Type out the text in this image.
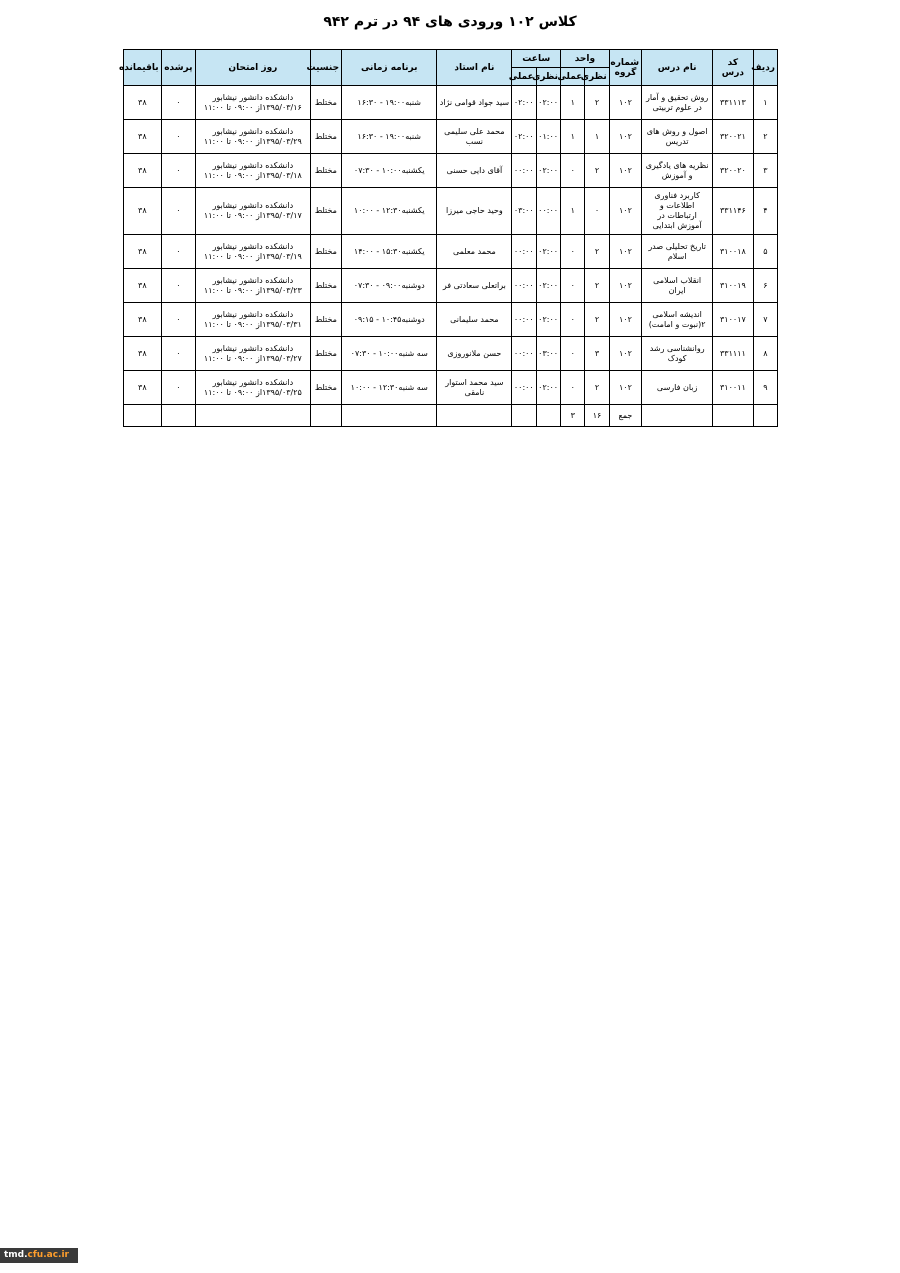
کلاس ۱۰۲ ورودی های ۹۴ در ترم ۹۴۲
ردیف	کد درس	نام درس	شماره گروه	واحد		ساعت		نام استاد	برنامه زمانی	جنسیت	روز امتحان	پرشده	باقیمانده
				نظری	عملی	نظری	عملی						
۱	۳۳۱۱۱۳	روش تحقیق و آمار در علوم تربیتی	۱۰۲	۲	۱	۰۲:۰۰	۰۲:۰۰	سید جواد قوامی نژاد	شنبه۱۹:۰۰ - ۱۶:۳۰	مختلط	دانشکده دانشور نیشابور ۱۳۹۵/۰۳/۱۶از ۰۹:۰۰ تا ۱۱:۰۰	۰	۳۸
۲	۳۲۰۰۲۱	اصول و روش های تدریس	۱۰۲	۱	۱	۰۱:۰۰	۰۲:۰۰	محمد علی سلیمی نسب	شنبه۱۹:۰۰ - ۱۶:۳۰	مختلط	دانشکده دانشور نیشابور ۱۳۹۵/۰۳/۲۹از ۰۹:۰۰ تا ۱۱:۰۰	۰	۳۸
۳	۳۲۰۰۲۰	نظریه های یادگیری و آموزش	۱۰۲	۲	۰	۰۲:۰۰	۰۰:۰۰	آقای دایی حسنی	یکشنبه۱۰:۰۰ - ۰۷:۳۰	مختلط	دانشکده دانشور نیشابور ۱۳۹۵/۰۳/۱۸از ۰۹:۰۰ تا ۱۱:۰۰	۰	۳۸
۴	۳۳۱۱۴۶	کاربرد فناوری اطلاعات و ارتباطات در آموزش ابتدایی	۱۰۲	۰	۱	۰۰:۰۰	۰۳:۰۰	وحید حاجی میرزا	یکشنبه۱۲:۳۰ - ۱۰:۰۰	مختلط	دانشکده دانشور نیشابور ۱۳۹۵/۰۳/۱۷از ۰۹:۰۰ تا ۱۱:۰۰	۰	۳۸
۵	۳۱۰۰۱۸	تاریخ تحلیلی صدر اسلام	۱۰۲	۲	۰	۰۲:۰۰	۰۰:۰۰	محمد معلمی	یکشنبه۱۵:۳۰ - ۱۴:۰۰	مختلط	دانشکده دانشور نیشابور ۱۳۹۵/۰۳/۱۹از ۰۹:۰۰ تا ۱۱:۰۰	۰	۳۸
۶	۳۱۰۰۱۹	انقلاب اسلامی ایران	۱۰۲	۲	۰	۰۲:۰۰	۰۰:۰۰	براتعلی سعادتی فر	دوشنبه۰۹:۰۰ - ۰۷:۳۰	مختلط	دانشکده دانشور نیشابور ۱۳۹۵/۰۳/۲۳از ۰۹:۰۰ تا ۱۱:۰۰	۰	۳۸
۷	۳۱۰۰۱۷	اندیشه اسلامی ۲(نبوت و امامت)	۱۰۲	۲	۰	۰۲:۰۰	۰۰:۰۰	محمد سلیمانی	دوشنبه۱۰:۴۵ - ۰۹:۱۵	مختلط	دانشکده دانشور نیشابور ۱۳۹۵/۰۳/۳۱از ۰۹:۰۰ تا ۱۱:۰۰	۰	۳۸
۸	۳۳۱۱۱۱	روانشناسی رشد کودک	۱۰۲	۳	۰	۰۳:۰۰	۰۰:۰۰	حسن ملانوروزی	سه شنبه۱۰:۰۰ - ۰۷:۳۰	مختلط	دانشکده دانشور نیشابور ۱۳۹۵/۰۳/۲۷از ۰۹:۰۰ تا ۱۱:۰۰	۰	۳۸
۹	۳۱۰۰۱۱	زبان فارسی	۱۰۲	۲	۰	۰۲:۰۰	۰۰:۰۰	سید محمد استوار نامقی	سه شنبه۱۲:۳۰ - ۱۰:۰۰	مختلط	دانشکده دانشور نیشابور ۱۳۹۵/۰۳/۲۵از ۰۹:۰۰ تا ۱۱:۰۰	۰	۳۸
			جمع	۱۶	۳								
tmd.cfu.ac.ir
